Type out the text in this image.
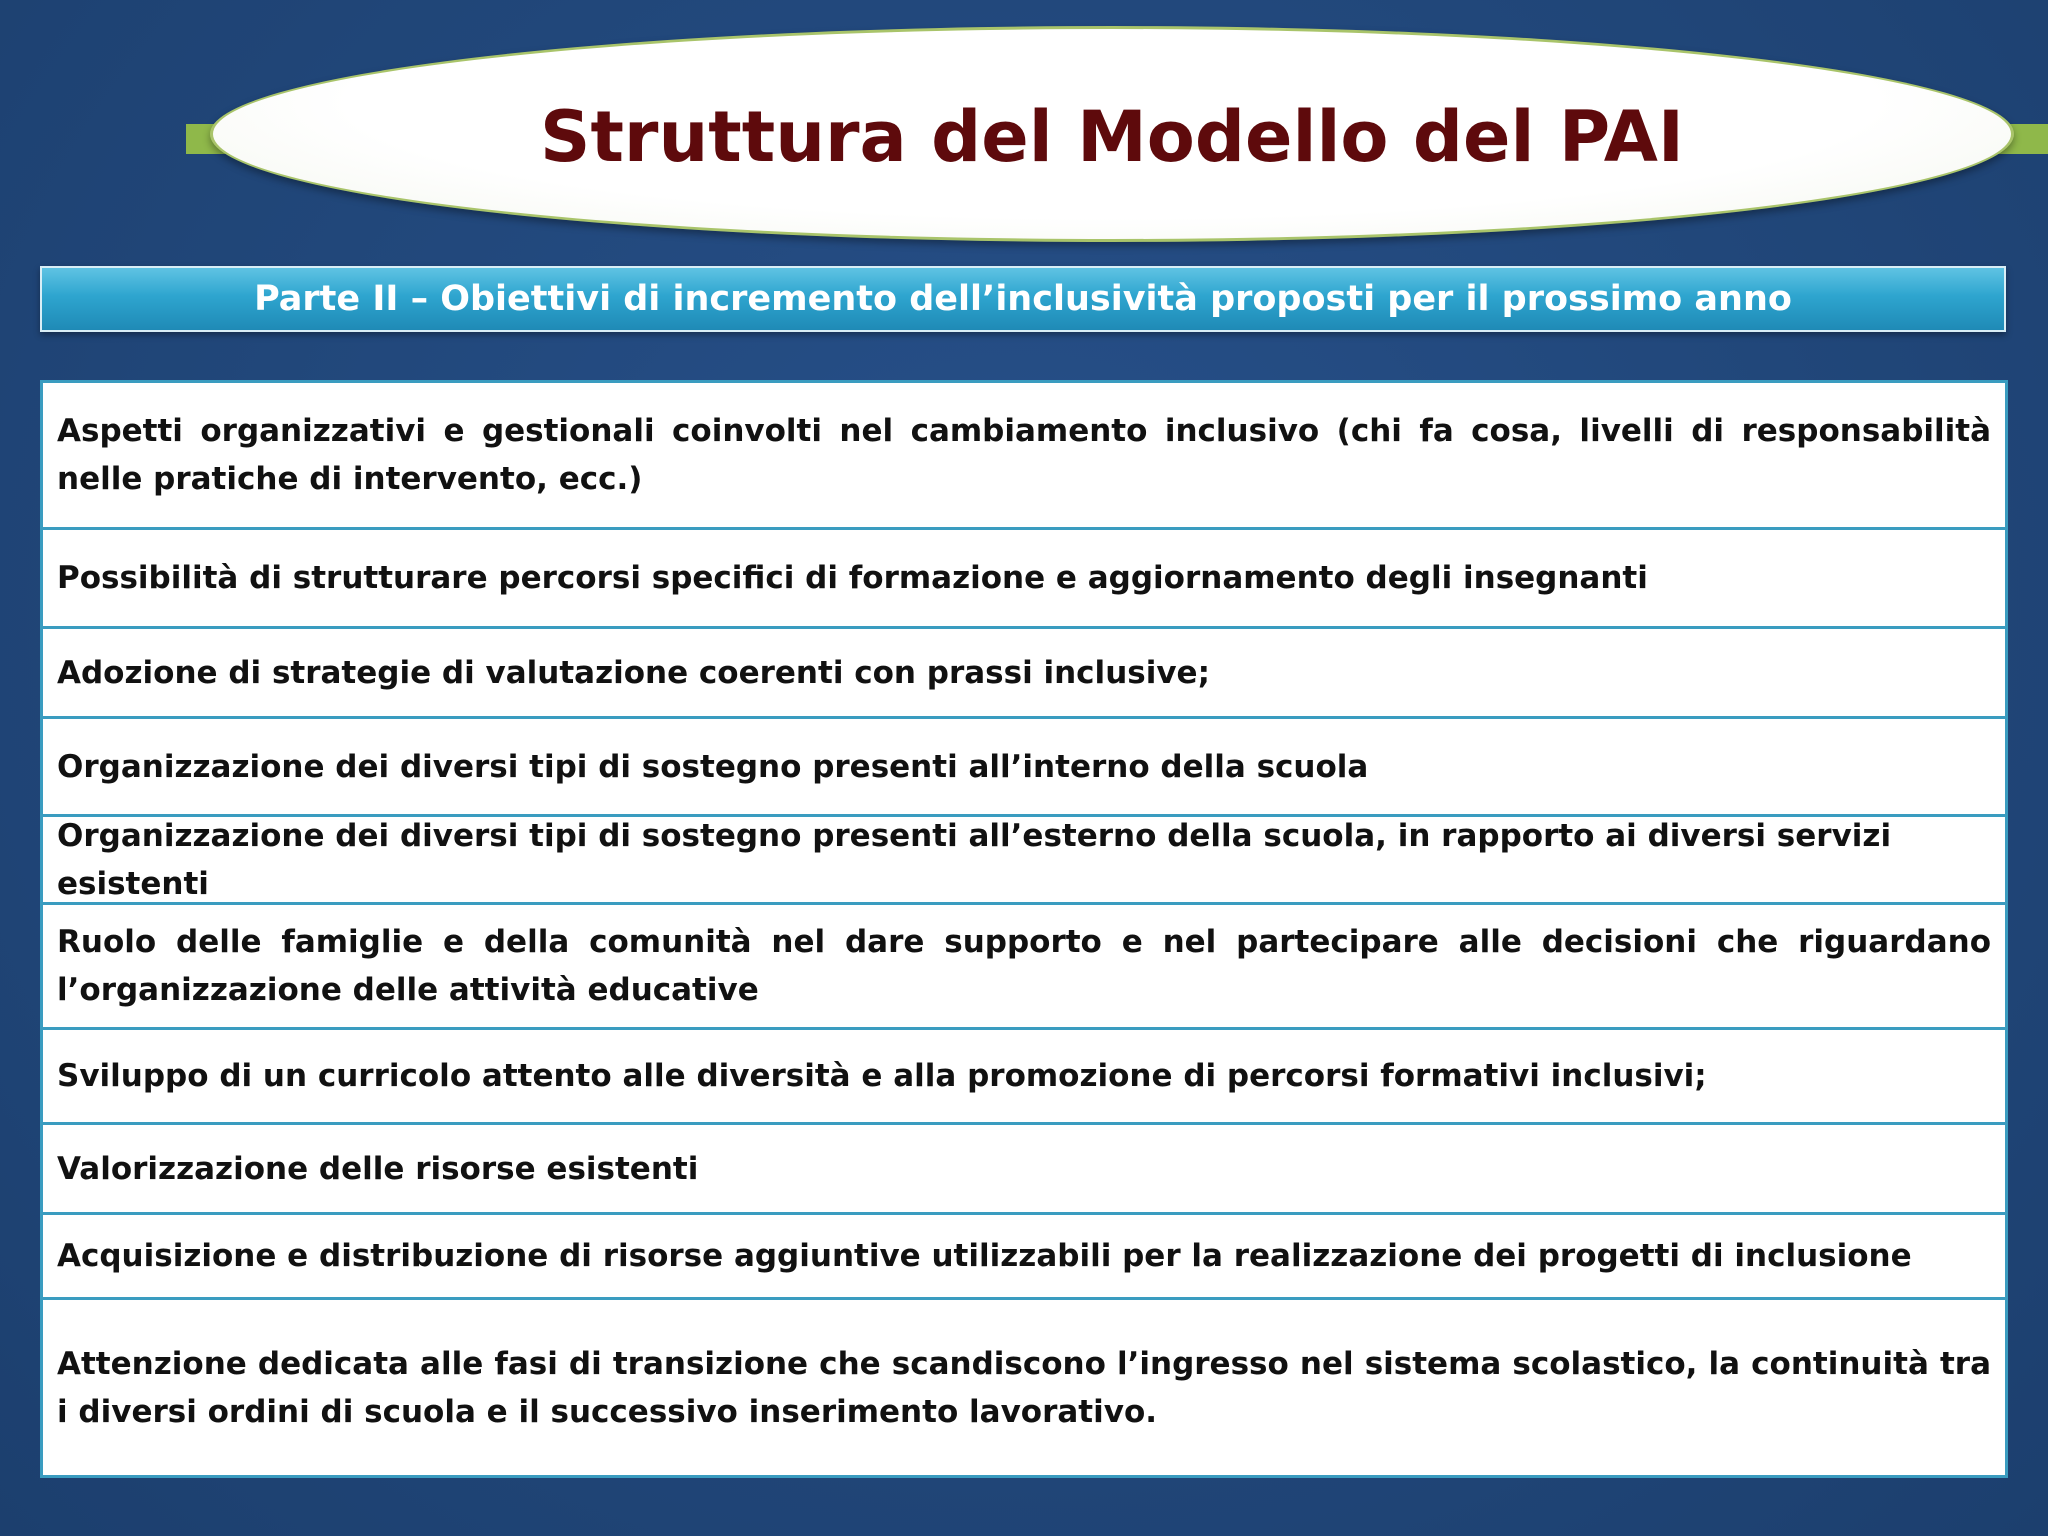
Struttura del Modello del PAI
Parte II – Obiettivi di incremento dell’inclusività proposti per il prossimo anno
Aspetti organizzativi e gestionali coinvolti nel cambiamento inclusivo (chi fa cosa, livelli di responsabilità nelle pratiche di intervento, ecc.)
Possibilità di strutturare percorsi specifici di formazione e aggiornamento degli insegnanti
Adozione di strategie di valutazione coerenti con prassi inclusive;
Organizzazione dei diversi tipi di sostegno presenti all’interno della scuola
Organizzazione dei diversi tipi di sostegno presenti all’esterno della scuola, in rapporto ai diversi servizi esistenti
Ruolo delle famiglie e della comunità nel dare supporto e nel partecipare alle decisioni che riguardano l’organizzazione delle attività educative
Sviluppo di un curricolo attento alle diversità e alla promozione di percorsi formativi inclusivi;
Valorizzazione delle risorse esistenti
Acquisizione e distribuzione di risorse aggiuntive utilizzabili per la realizzazione dei progetti di inclusione
Attenzione dedicata alle fasi di transizione che scandiscono l’ingresso nel sistema scolastico, la continuità tra i diversi ordini di scuola e il successivo inserimento lavorativo.
